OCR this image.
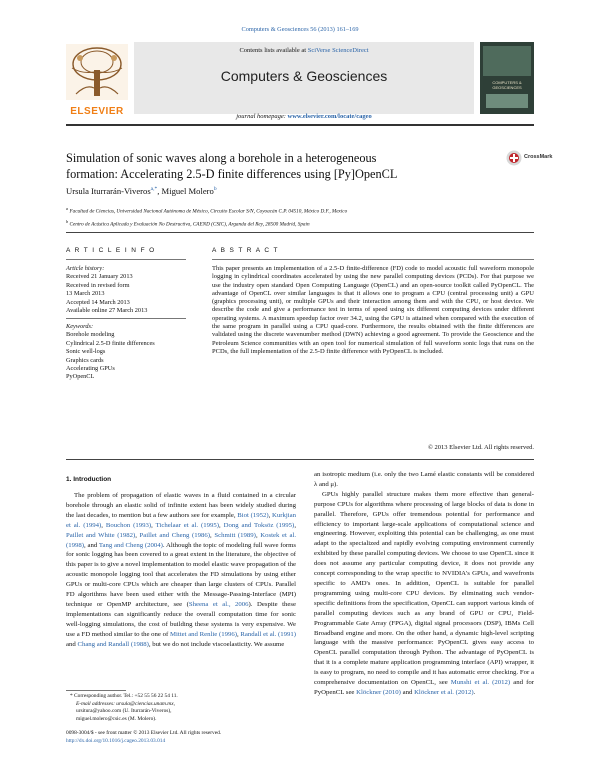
Computers & Geosciences 56 (2013) 161–169
ELSEVIER
Contents lists available at SciVerse ScienceDirect
Computers & Geosciences	COMPUTERS & GEOSCIENCES
journal homepage: www.elsevier.com/locate/cageo
Simulation of sonic waves along a borehole in a heterogeneous
formation: Accelerating 2.5-D finite differences using [Py]OpenCL
CrossMark
Ursula Iturrarán-Viveros$^{a,*}$, Miguel Molero$^b$
$^a$ Facultad de Ciencias, Universidad Nacional Autónoma de México, Circuito Escolar S/N, Coyoacán C.P. 04510, México D.F., Mexico
$^b$ Centro de Acústica Aplicada y Evaluación No Destructiva, CAEND (CSIC), Arganda del Rey, 28500 Madrid, Spain
A R T I C L E I N F O
Article history:
Received 21 January 2013
Received in revised form
13 March 2013
Accepted 14 March 2013
Available online 27 March 2013
Keywords:
Borehole modeling
Cylindrical 2.5-D finite differences
Sonic well-logs
Graphics cards
Accelerating GPUs
PyOpenCL
A B S T R A C T
This paper presents an implementation of a 2.5-D finite-difference (FD) code to model acoustic full waveform monopole logging in cylindrical coordinates accelerated by using the new parallel computing devices (PCDs). For that purpose we use the industry open standard Open Computing Language (OpenCL) and an open-source toolkit called PyOpenCL. The advantage of OpenCL over similar languages is that it allows one to program a CPU (central processing unit) a GPU (graphics processing unit), or multiple GPUs and their interaction among them and with the CPU, or host device. We describe the code and give a performance test in terms of speed using six different computing devices under different operating systems. A maximum speedup factor over 34.2, using the GPU is attained when compared with the execution of the same program in parallel using a CPU quad-core. Furthermore, the results obtained with the finite differences are validated using the discrete wavenumber method (DWN) achieving a good agreement. To provide the Geoscience and the Petroleum Science communities with an open tool for numerical simulation of full waveform sonic logs that runs on the PCDs, the full implementation of the 2.5-D finite difference with PyOpenCL is included.
© 2013 Elsevier Ltd. All rights reserved.
1. Introduction
The problem of propagation of elastic waves in a fluid contained in a circular borehole through an elastic solid of infinite extent has been widely studied during the last decades, to mention but a few authors see for example, Biot (1952), Kurkjian et al. (1994), Bouchon (1993), Tichelaar et al. (1995), Dong and Toksöz (1995), Paillet and White (1982), Paillet and Cheng (1986), Schmitt (1989), Kostek et al. (1998), and Tang and Cheng (2004). Although the topic of modeling full wave forms for sonic logging has been covered to a great extent in the literature, the objective of this paper is to give a novel implementation to model elastic wave propagation of the acoustic monopole logging tool that accelerates the FD simulations by using either GPUs or multi-core CPUs which are cheaper than large clusters of CPUs. Parallel FD algorithms have been used either with the Message-Passing-Interface (MPI) technique or OpenMP architecture, see (Sheena et al., 2006). Despite these implementations can significantly reduce the overall computation time for sonic well-logging simulations, the cost of building these systems is very expensive. We use a FD method similar to the one of Mittet and Renlie (1996), Randall et al. (1991) and Chang and Randall (1988), but we do not include viscoelasticity. We assume
* Corresponding author. Tel.: +52 55 56 22 54 11.
E-mail addresses: ursula@ciencias.unam.mx,
ursitura@yahoo.com (U. Iturrarán-Viveros),
miguel.molero@csic.es (M. Molero).
0098-3004/$ - see front matter © 2013 Elsevier Ltd. All rights reserved.
http://dx.doi.org/10.1016/j.cageo.2013.03.014

an isotropic medium (i.e. only the two Lamé elastic constants will be considered λ and μ).

GPUs highly parallel structure makes them more effective than general-purpose CPUs for algorithms where processing of large blocks of data is done in parallel. Therefore, GPUs offer tremendous potential for performance and efficiency to important large-scale applications of computational science and engineering. However, exploiting this potential can be challenging, as one must adapt to the specialized and rapidly evolving computing environment currently exhibited by these parallel computing devices. We choose to use OpenCL since it does not assume any particular computing device, it does not provide any concept corresponding to the wrap specific to NVIDIA's GPUs, and wavefronts specific to AMD's ones. In addition, OpenCL is suitable for parallel programming using multi-core CPU devices. By eliminating such vendor-specific definitions from the specification, OpenCL can support various kinds of parallel computing devices such as any brand of GPU or CPU, Field-Programmable Gate Array (FPGA), digital signal processors (DSP), IBMs Cell Broadband engine and more. On the other hand, a dynamic high-level scripting language with the massive performance: PyOpenCL gives easy access to OpenCL parallel computation through Python. The advantage of PyOpenCL is that it is a complete mature application programming interface (API) wrapper, it is easy to program, no need to compile and it has automatic error checking. For a comprehensive documentation on OpenCL, see Munshi et al. (2012) and for PyOpenCL see Klöckner (2010) and Klöckner et al. (2012).
